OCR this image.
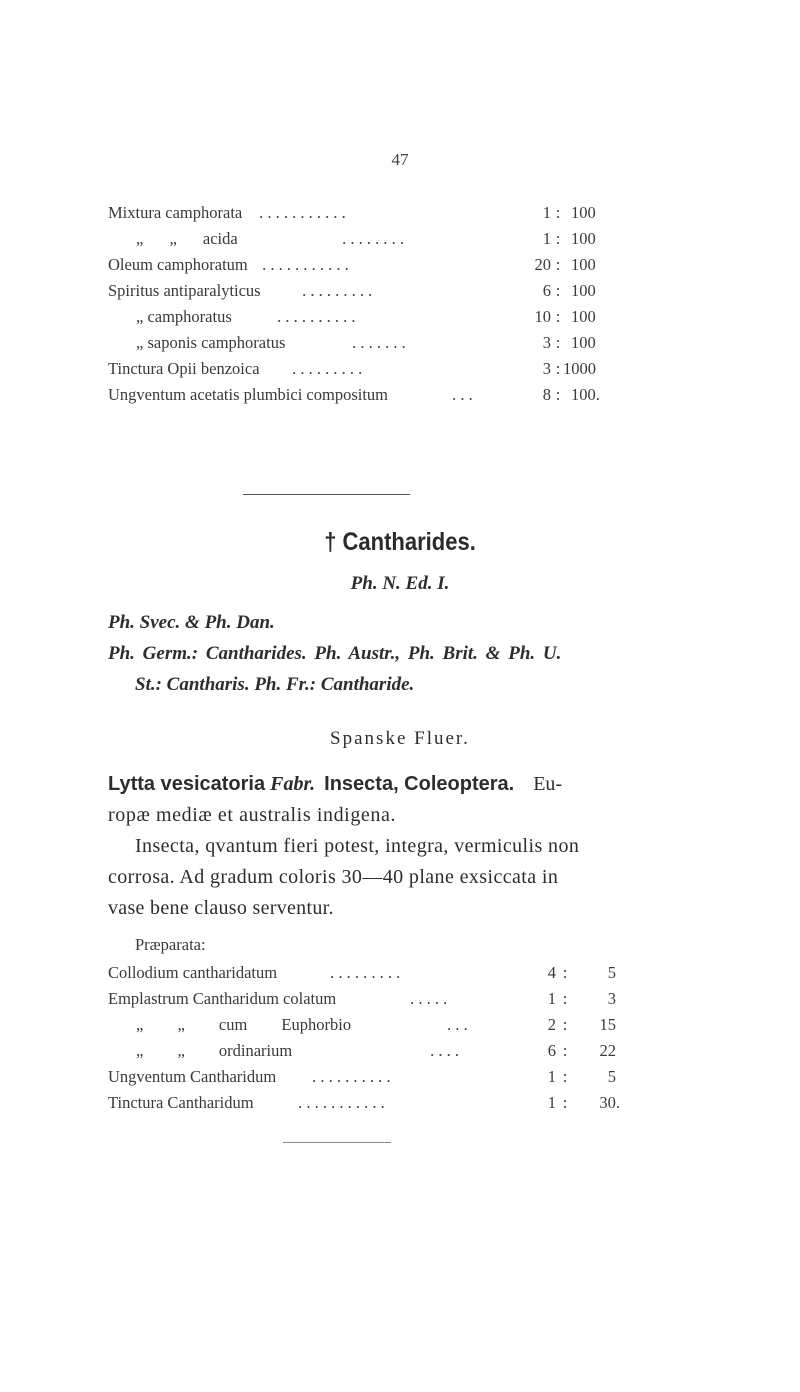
47
Mixtura camphorata . . . . . . . . . . .	1 : 100
„ „ acida	. . . . . . . .	1 : 100
Oleum camphoratum . . . . . . . . . . .	20 : 100
Spiritus antiparalyticus . . . . . . . . .	6 : 100
„ camphoratus . . . . . . . . . .	10 : 100
„ saponis camphoratus	. . . . . . .	3 : 100
Tinctura Opii benzoica . . . . . . . . .	3 : 1000
Ungventum acetatis plumbici compositum	. . .	8 : 100.
† Cantharides.
Ph. N. Ed. I.
Ph. Svec. & Ph. Dan.
Ph. Germ.: Cantharides. Ph. Austr., Ph. Brit. & Ph. U.
St.: Cantharis. Ph. Fr.: Cantharide.
Spanske Fluer.
Lytta vesicatoria Fabr. Insecta, Coleoptera. Eu-
ropæ mediæ et australis indigena.
Insecta, qvantum fieri potest, integra, vermiculis non
corrosa. Ad gradum coloris 30—40 plane exsiccata in
vase bene clauso serventur.
Præparata:
Collodium cantharidatum	. . . . . . . . .	4 :	5
Emplastrum Cantharidum colatum	. . . . .	1 :	3
„ „ cum Euphorbio	. . .	2 :	15
„ „ ordinarium	. . . .	6 :	22
Ungventum Cantharidum . . . . . . . . . .	1 :	5
Tinctura Cantharidum . . . . . . . . . . .	1 :	30.
